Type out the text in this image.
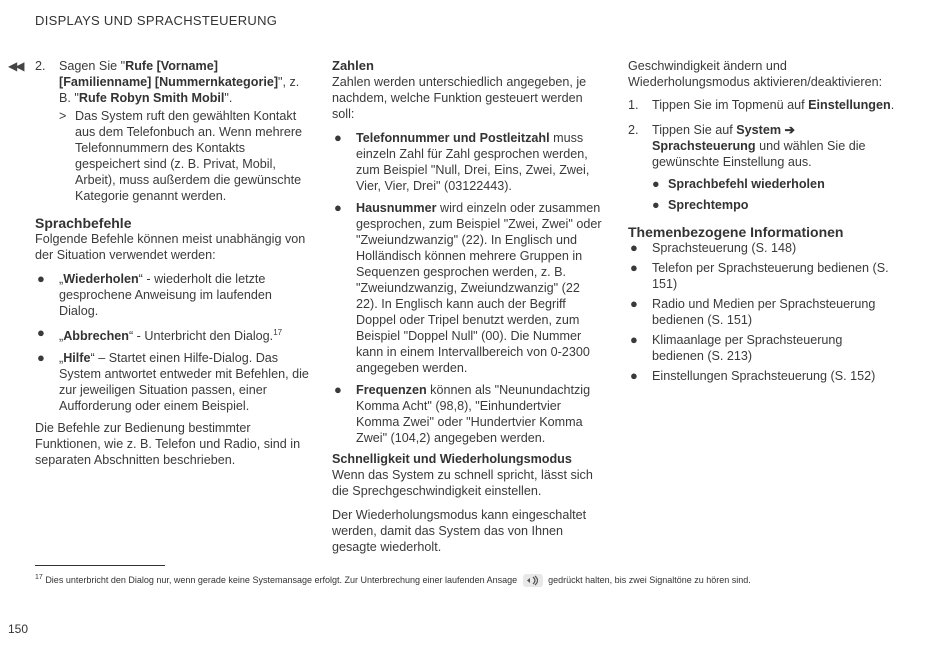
DISPLAYS UND SPRACHSTEUERUNG
◀◀ 2. Sagen Sie "Rufe [Vorname] [Familienname] [Nummernkategorie]", z. B. "Rufe Robyn Smith Mobil".
> Das System ruft den gewählten Kontakt aus dem Telefonbuch an. Wenn mehrere Telefonnummern des Kontakts gespeichert sind (z. B. Privat, Mobil, Arbeit), muss außerdem die gewünschte Kategorie genannt werden.
Sprachbefehle

Folgende Befehle können meist unabhängig von der Situation verwendet werden:

● „Wiederholen“ - wiederholt die letzte gesprochene Anweisung im laufenden Dialog.
● „Abbrechen“ - Unterbricht den Dialog.$^{17}$
● „Hilfe“ – Startet einen Hilfe-Dialog. Das System antwortet entweder mit Befehlen, die zur jeweiligen Situation passen, einer Aufforderung oder einem Beispiel.

Die Befehle zur Bedienung bestimmter Funktionen, wie z. B. Telefon und Radio, sind in separaten Abschnitten beschrieben.

Zahlen

Zahlen werden unterschiedlich angegeben, je nachdem, welche Funktion gesteuert werden soll:

● Telefonnummer und Postleitzahl muss einzeln Zahl für Zahl gesprochen werden, zum Beispiel "Null, Drei, Eins, Zwei, Zwei, Vier, Vier, Drei" (03122443).
● Hausnummer wird einzeln oder zusammen gesprochen, zum Beispiel "Zwei, Zwei" oder "Zweiundzwanzig" (22). In Englisch und Holländisch können mehrere Gruppen in Sequenzen gesprochen werden, z. B. "Zweiundzwanzig, Zweiundzwanzig" (22 22). In Englisch kann auch der Begriff Doppel oder Tripel benutzt werden, zum Beispiel "Doppel Null" (00). Die Nummer kann in einem Intervallbereich von 0-2300 angegeben werden.
● Frequenzen können als "Neunundachtzig Komma Acht" (98,8), "Einhundertvier Komma Zwei" oder "Hundertvier Komma Zwei" (104,2) angegeben werden.
Schnelligkeit und Wiederholungsmodus

Wenn das System zu schnell spricht, lässt sich die Sprechgeschwindigkeit einstellen.

Der Wiederholungsmodus kann eingeschaltet werden, damit das System das von Ihnen gesagte wiederholt.

Geschwindigkeit ändern und Wiederholungsmodus aktivieren/deaktivieren:

1. Tippen Sie im Topmenü auf Einstellungen.
2. Tippen Sie auf System ➔ Sprachsteuerung und wählen Sie die gewünschte Einstellung aus.
● Sprachbefehl wiederholen
● Sprechtempo
Themenbezogene Informationen
● Sprachsteuerung (S. 148)
● Telefon per Sprachsteuerung bedienen (S. 151)
● Radio und Medien per Sprachsteuerung bedienen (S. 151)
● Klimaanlage per Sprachsteuerung bedienen (S. 213)
● Einstellungen Sprachsteuerung (S. 152)
$^{17}$ Dies unterbricht den Dialog nur, wenn gerade keine Systemansage erfolgt. Zur Unterbrechung einer laufenden Ansage	gedrückt halten, bis zwei Signaltöne zu hören sind.
150
